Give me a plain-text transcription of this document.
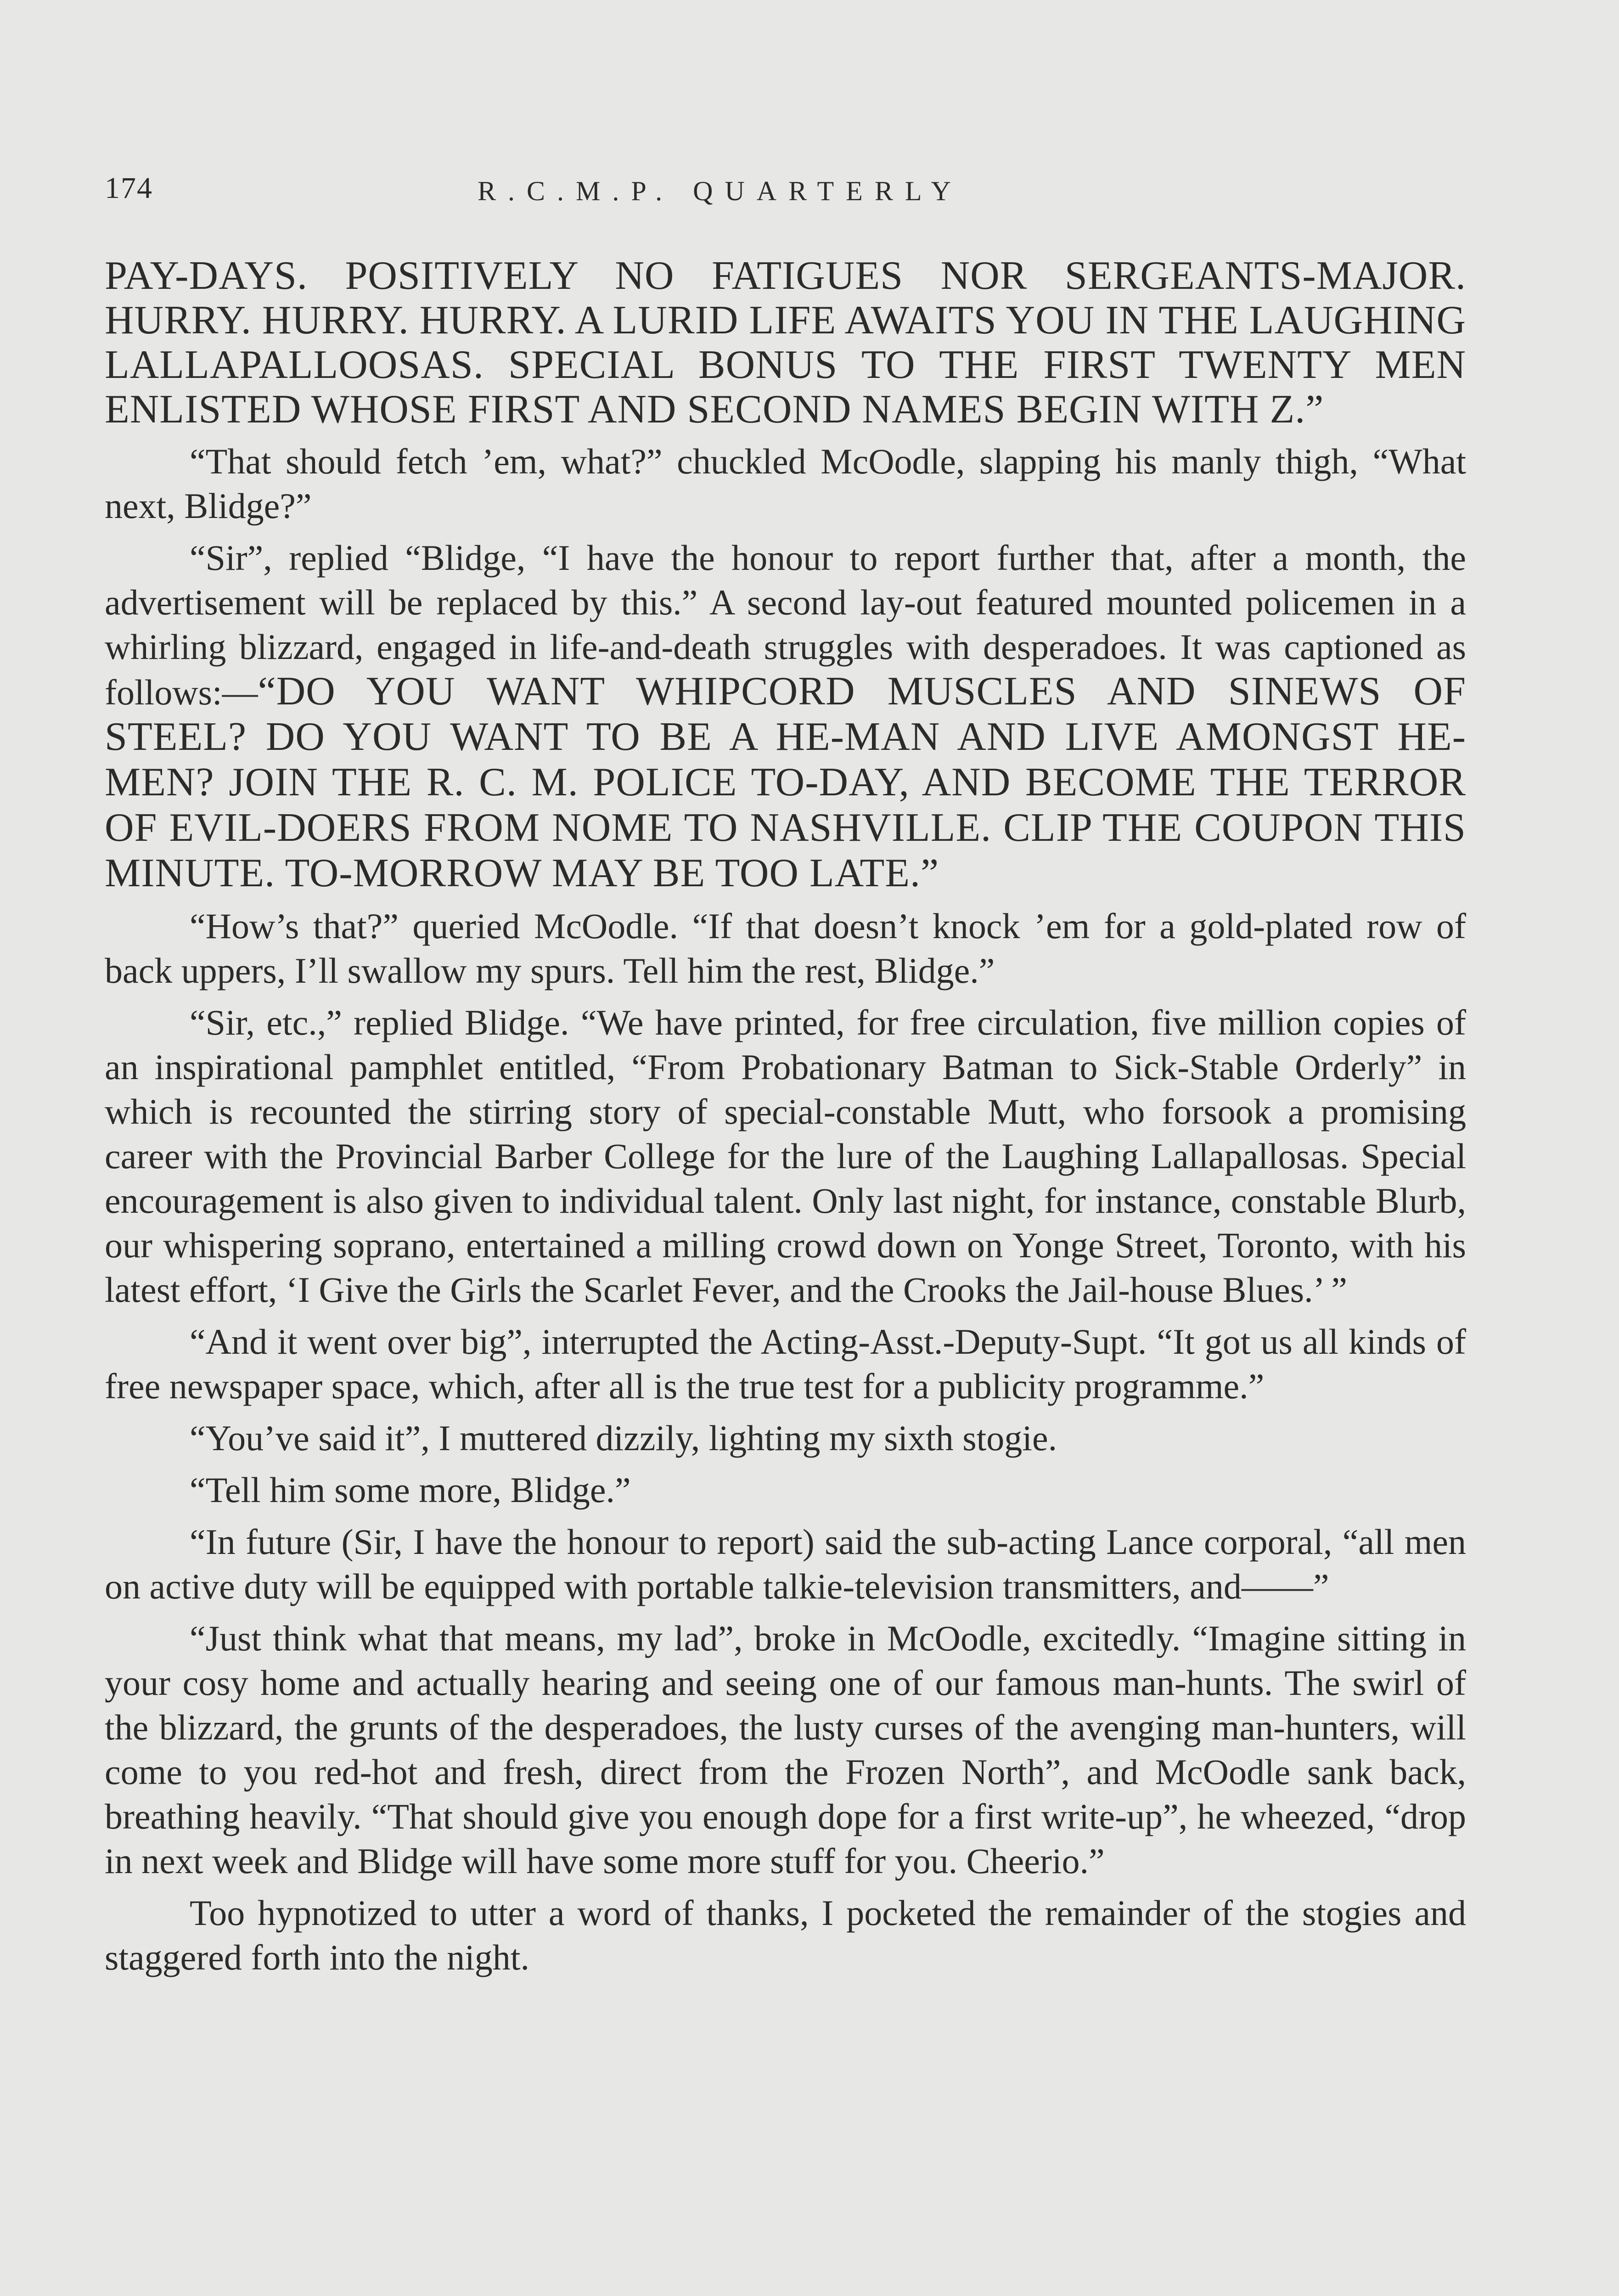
174	R.C.M.P. QUARTERLY

PAY-DAYS. POSITIVELY NO FATIGUES NOR SERGEANTS-MAJOR. HURRY. HURRY. HURRY. A LURID LIFE AWAITS YOU IN THE LAUGHING LALLAPALLOOSAS. SPECIAL BONUS TO THE FIRST TWENTY MEN ENLISTED WHOSE FIRST AND SECOND NAMES BEGIN WITH Z.”

“That should fetch ’em, what?” chuckled McOodle, slapping his manly thigh, “What next, Blidge?”

“Sir”, replied “Blidge, “I have the honour to report further that, after a month, the advertisement will be replaced by this.” A second lay-out featured mounted policemen in a whirling blizzard, engaged in life-and-death struggles with desperadoes. It was captioned as follows:—“DO YOU WANT WHIPCORD MUSCLES AND SINEWS OF STEEL? DO YOU WANT TO BE A HE-MAN AND LIVE AMONGST HE-MEN? JOIN THE R. C. M. POLICE TO-DAY, AND BECOME THE TERROR OF EVIL-DOERS FROM NOME TO NASHVILLE. CLIP THE COUPON THIS MINUTE. TO-MORROW MAY BE TOO LATE.”

“How’s that?” queried McOodle. “If that doesn’t knock ’em for a gold-plated row of back uppers, I’ll swallow my spurs. Tell him the rest, Blidge.”

“Sir, etc.,” replied Blidge. “We have printed, for free circulation, five million copies of an inspirational pamphlet entitled, “From Probationary Batman to Sick-Stable Orderly” in which is recounted the stirring story of special-constable Mutt, who forsook a promising career with the Provincial Barber College for the lure of the Laughing Lallapallosas. Special encouragement is also given to individual talent. Only last night, for instance, constable Blurb, our whispering soprano, entertained a milling crowd down on Yonge Street, Toronto, with his latest effort, ‘I Give the Girls the Scarlet Fever, and the Crooks the Jail-house Blues.’ ”

“And it went over big”, interrupted the Acting-Asst.-Deputy-Supt. “It got us all kinds of free newspaper space, which, after all is the true test for a publicity programme.”

“You’ve said it”, I muttered dizzily, lighting my sixth stogie.

“Tell him some more, Blidge.”

“In future (Sir, I have the honour to report) said the sub-acting Lance corporal, “all men on active duty will be equipped with portable talkie-television transmitters, and——”

“Just think what that means, my lad”, broke in McOodle, excitedly. “Imagine sitting in your cosy home and actually hearing and seeing one of our famous man-hunts. The swirl of the blizzard, the grunts of the desperadoes, the lusty curses of the avenging man-hunters, will come to you red-hot and fresh, direct from the Frozen North”, and McOodle sank back, breathing heavily. “That should give you enough dope for a first write-up”, he wheezed, “drop in next week and Blidge will have some more stuff for you. Cheerio.”

Too hypnotized to utter a word of thanks, I pocketed the remainder of the stogies and staggered forth into the night.
